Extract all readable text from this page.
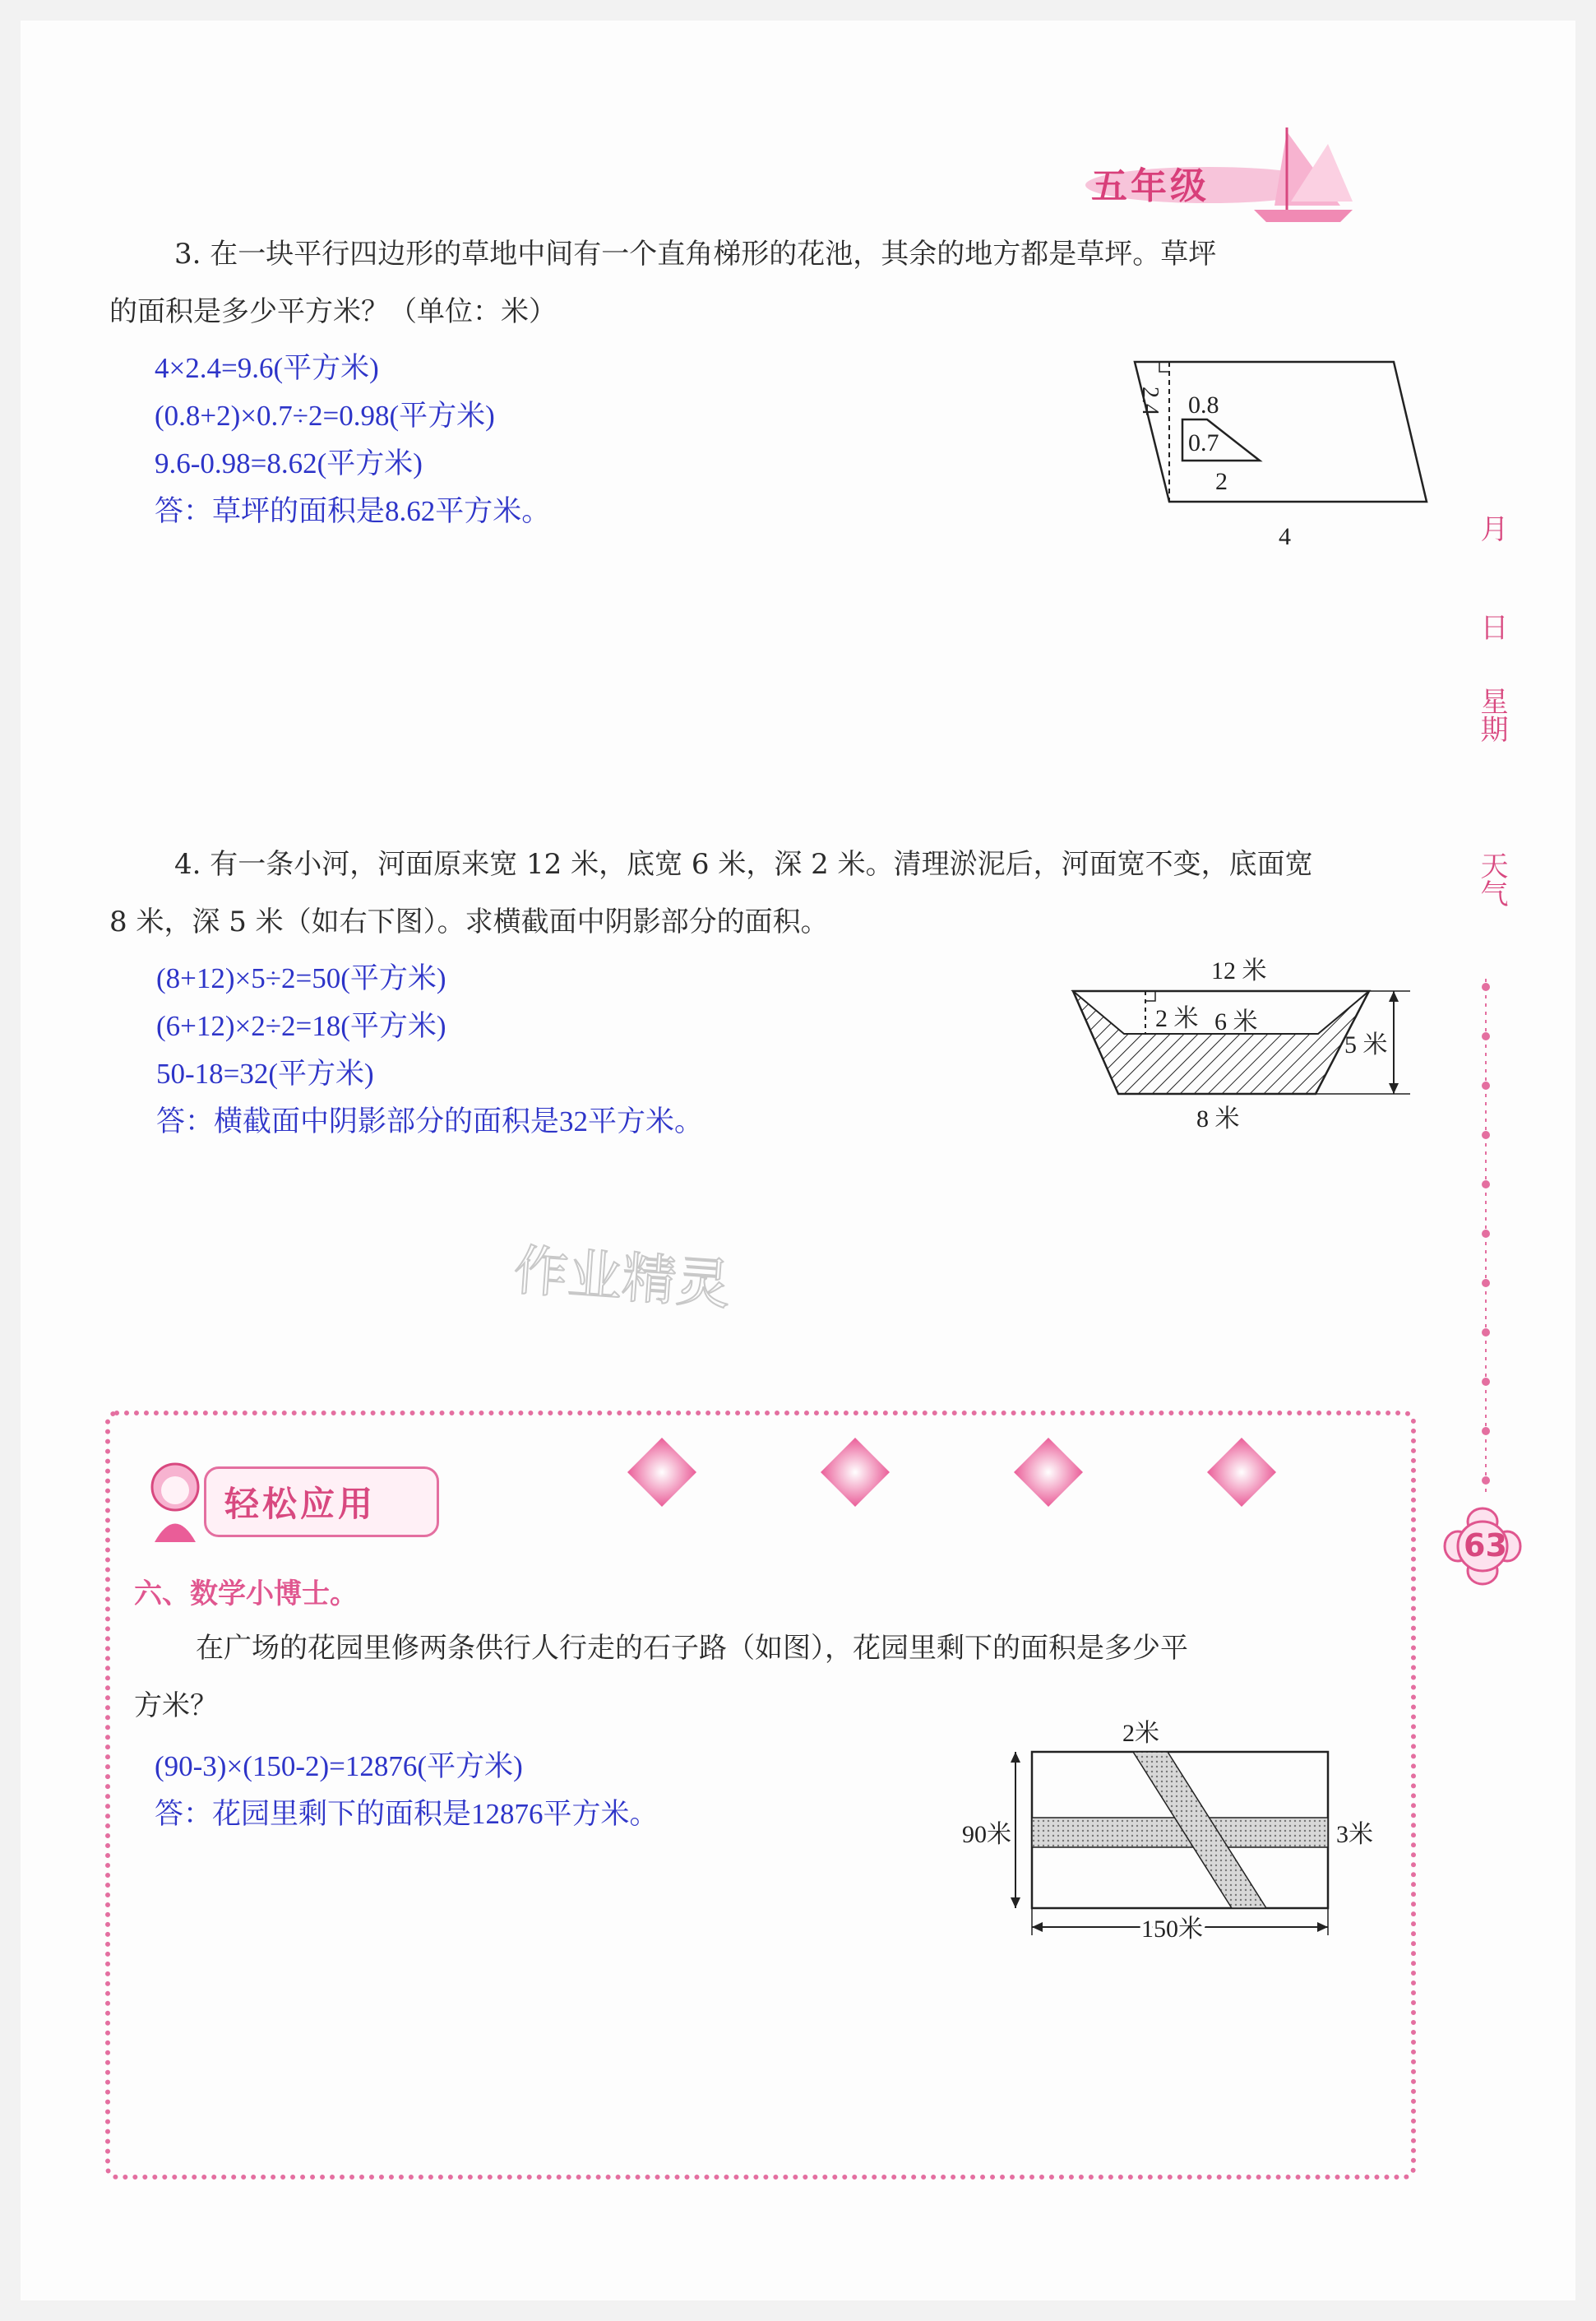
五年级
3. 在一块平行四边形的草地中间有一个直角梯形的花池，其余的地方都是草坪。草坪
的面积是多少平方米？（单位：米）
4×2.4=9.6(平方米)
(0.8+2)×0.7÷2=0.98(平方米)
9.6-0.98=8.62(平方米)
答：草坪的面积是8.62平方米。
2.4 0.8
0.7
2
4
4. 有一条小河，河面原来宽 12 米，底宽 6 米，深 2 米。清理淤泥后，河面宽不变，底面宽
8 米，深 5 米（如右下图）。求横截面中阴影部分的面积。
(8+12)×5÷2=50(平方米)
(6+12)×2÷2=18(平方米)
50-18=32(平方米)
答：横截面中阴影部分的面积是32平方米。
12 米
2 米 6 米
5 米
8 米
作业精灵
月
日
星期
天气
63
轻松应用
六、数学小博士。
在广场的花园里修两条供行人行走的石子路（如图），花园里剩下的面积是多少平
方米？
(90-3)×(150-2)=12876(平方米)
答：花园里剩下的面积是12876平方米。
2米
90米	3米
150米
